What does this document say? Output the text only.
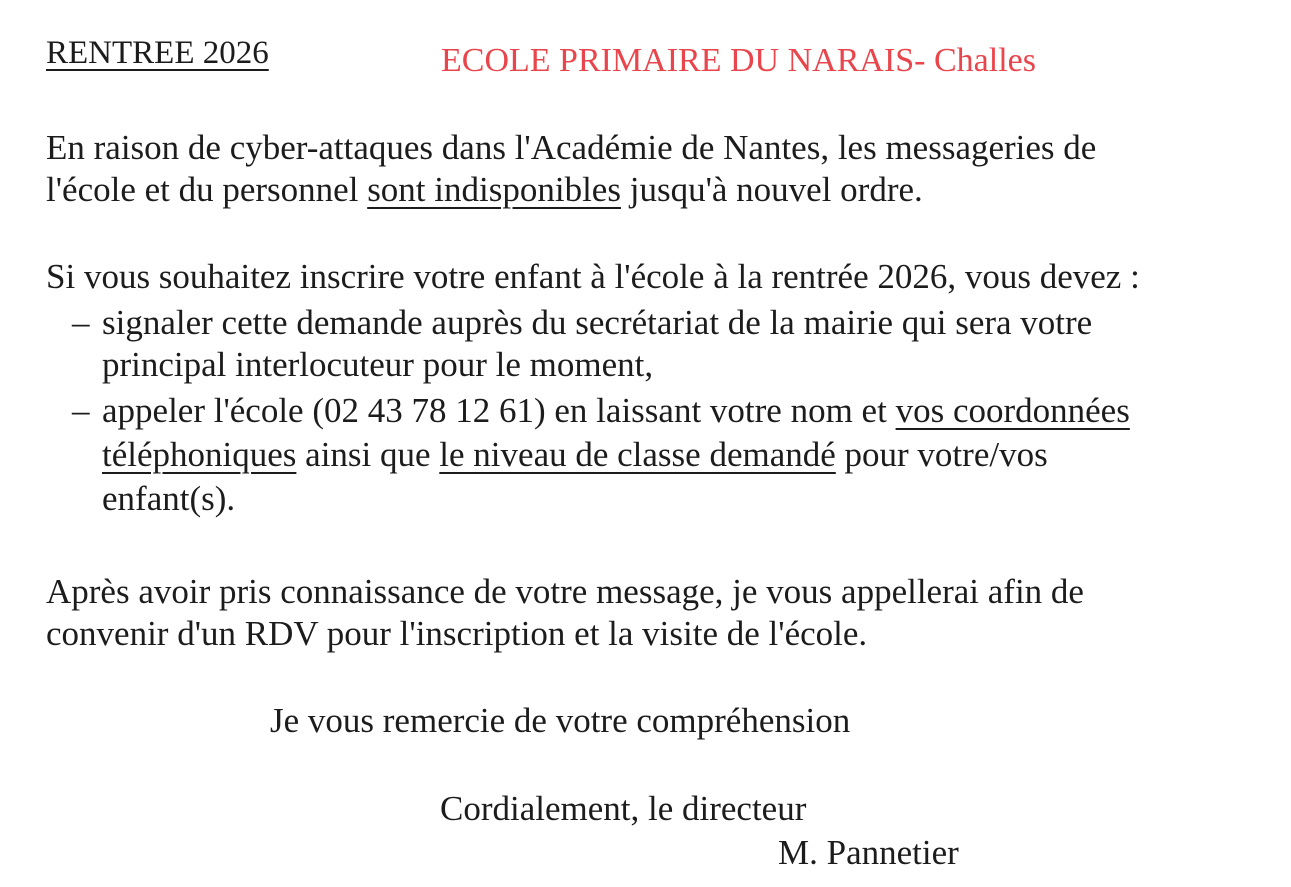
RENTREE 2026	ECOLE PRIMAIRE DU NARAIS- Challes
En raison de cyber-attaques dans l'Académie de Nantes, les messageries de
l'école et du personnel sont indisponibles jusqu'à nouvel ordre.
Si vous souhaitez inscrire votre enfant à l'école à la rentrée 2026, vous devez :
– signaler cette demande auprès du secrétariat de la mairie qui sera votre
principal interlocuteur pour le moment,
– appeler l'école (02 43 78 12 61) en laissant votre nom et vos coordonnées
téléphoniques ainsi que le niveau de classe demandé pour votre/vos
enfant(s).
Après avoir pris connaissance de votre message, je vous appellerai afin de
convenir d'un RDV pour l'inscription et la visite de l'école.
Je vous remercie de votre compréhension
Cordialement, le directeur
M. Pannetier
